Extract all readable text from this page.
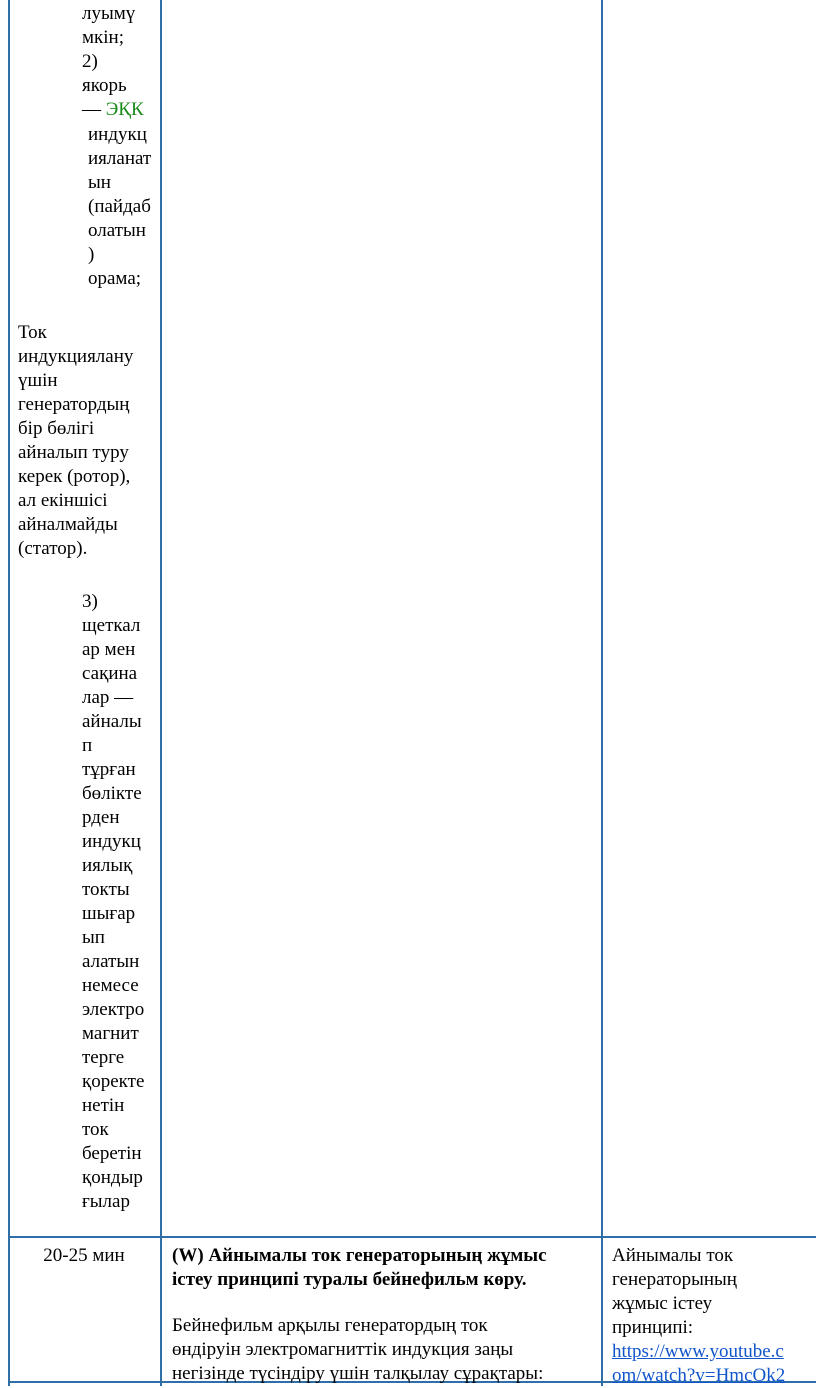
луымү
мкін;
2)
якорь
— ЭҚК
индукц
ияланат
ын
(пайдаб
олатын
)
орама;
Ток
индукциялану
үшін
генератордың
бір бөлігі
айналып туру
керек (ротор),
ал екіншісі
айналмайды
(статор).
3)
щеткал
ар мен
сақина
лар —
айналы
п
тұрған
бөлікте
рден
индукц
иялық
токты
шығар
ып
алатын
немесе
электро
магнит
терге
қоректе
нетін
ток
беретін
қондыр
ғылар
20-25 мин	(W) Айнымалы ток генераторының жұмыс
істеу принципі туралы бейнефильм көру.
Бейнефильм арқылы генератордың ток
өндіруін электромагниттік индукция заңы
негізінде түсіндіру үшін талқылау сұрақтары:
Айнымалы ток
генераторының
жұмыс істеу
принципі:
https://www.youtube.c
om/watch?v=HmcOk2
